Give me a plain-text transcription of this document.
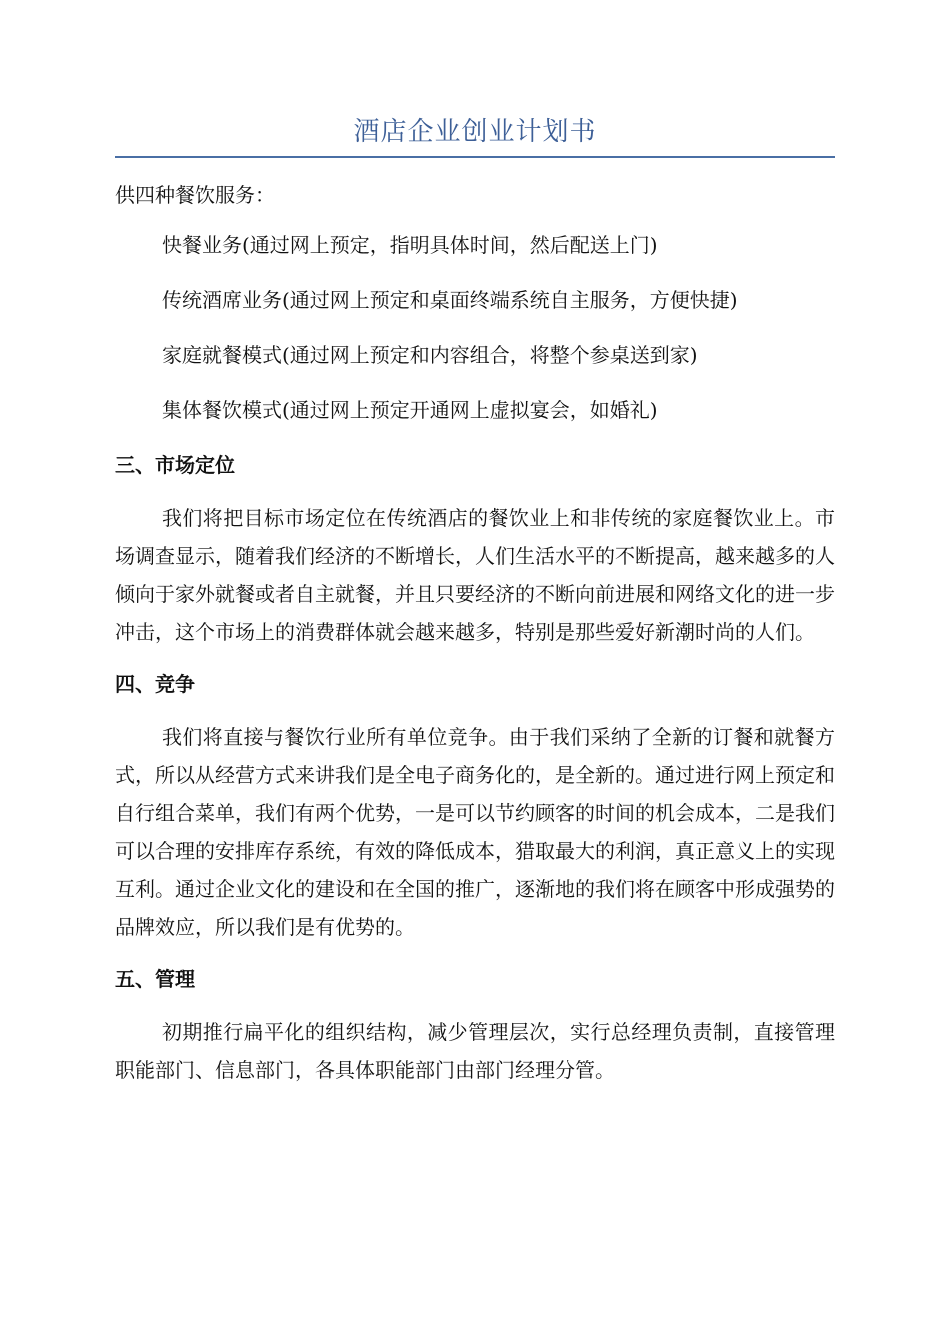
酒店企业创业计划书

供四种餐饮服务：

快餐业务(通过网上预定，指明具体时间，然后配送上门)
传统酒席业务(通过网上预定和桌面终端系统自主服务，方便快捷)
家庭就餐模式(通过网上预定和内容组合，将整个参桌送到家)
集体餐饮模式(通过网上预定开通网上虚拟宴会，如婚礼)
三、市场定位

我们将把目标市场定位在传统酒店的餐饮业上和非传统的家庭餐饮业上。市场调查显示，随着我们经济的不断增长，人们生活水平的不断提高，越来越多的人倾向于家外就餐或者自主就餐，并且只要经济的不断向前进展和网络文化的进一步冲击，这个市场上的消费群体就会越来越多，特别是那些爱好新潮时尚的人们。

四、竞争

我们将直接与餐饮行业所有单位竞争。由于我们采纳了全新的订餐和就餐方式，所以从经营方式来讲我们是全电子商务化的，是全新的。通过进行网上预定和自行组合菜单，我们有两个优势，一是可以节约顾客的时间的机会成本，二是我们可以合理的安排库存系统，有效的降低成本，猎取最大的利润，真正意义上的实现互利。通过企业文化的建设和在全国的推广，逐渐地的我们将在顾客中形成强势的品牌效应，所以我们是有优势的。

五、管理

初期推行扁平化的组织结构，减少管理层次，实行总经理负责制，直接管理职能部门、信息部门，各具体职能部门由部门经理分管。
